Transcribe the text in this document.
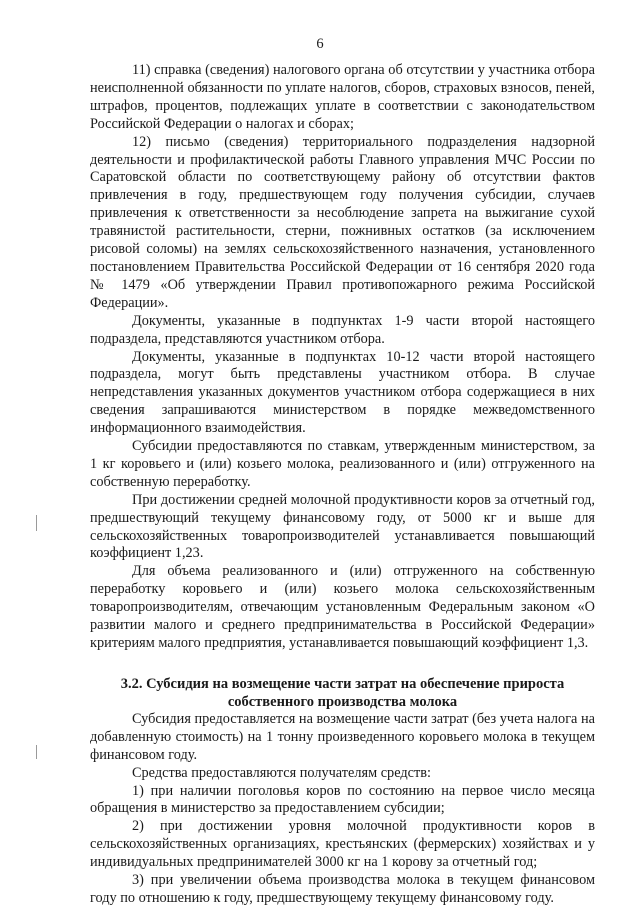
6

11) справка (сведения) налогового органа об отсутствии у участника отбора неисполненной обязанности по уплате налогов, сборов, страховых взносов, пеней, штрафов, процентов, подлежащих уплате в соответствии с законодательством Российской Федерации о налогах и сборах;

12) письмо (сведения) территориального подразделения надзорной деятельности и профилактической работы Главного управления МЧС России по Саратовской области по соответствующему району об отсутствии фактов привлечения в году, предшествующем году получения субсидии, случаев привлечения к ответственности за несоблюдение запрета на выжигание сухой травянистой растительности, стерни, пожнивных остатков (за исключением рисовой соломы) на землях сельскохозяйственного назначения, установленного постановлением Правительства Российской Федерации от 16 сентября 2020 года № 1479 «Об утверждении Правил противопожарного режима Российской Федерации».

Документы, указанные в подпунктах 1-9 части второй настоящего подраздела, представляются участником отбора.

Документы, указанные в подпунктах 10-12 части второй настоящего подраздела, могут быть представлены участником отбора. В случае непредставления указанных документов участником отбора содержащиеся в них сведения запрашиваются министерством в порядке межведомственного информационного взаимодействия.

Субсидии предоставляются по ставкам, утвержденным министерством, за 1 кг коровьего и (или) козьего молока, реализованного и (или) отгруженного на собственную переработку.

При достижении средней молочной продуктивности коров за отчетный год, предшествующий текущему финансовому году, от 5000 кг и выше для сельскохозяйственных товаропроизводителей устанавливается повышающий коэффициент 1,23.

Для объема реализованного и (или) отгруженного на собственную переработку коровьего и (или) козьего молока сельскохозяйственным товаропроизводителям, отвечающим установленным Федеральным законом «О развитии малого и среднего предпринимательства в Российской Федерации» критериям малого предприятия, устанавливается повышающий коэффициент 1,3.

3.2. Субсидия на возмещение части затрат на обеспечение прироста
собственного производства молока

Субсидия предоставляется на возмещение части затрат (без учета налога на добавленную стоимость) на 1 тонну произведенного коровьего молока в текущем финансовом году.

Средства предоставляются получателям средств:

1) при наличии поголовья коров по состоянию на первое число месяца обращения в министерство за предоставлением субсидии;

2) при достижении уровня молочной продуктивности коров в сельскохозяйственных организациях, крестьянских (фермерских) хозяйствах и у индивидуальных предпринимателей 3000 кг на 1 корову за отчетный год;

3) при увеличении объема производства молока в текущем финансовом году по отношению к году, предшествующему текущему финансовому году.
